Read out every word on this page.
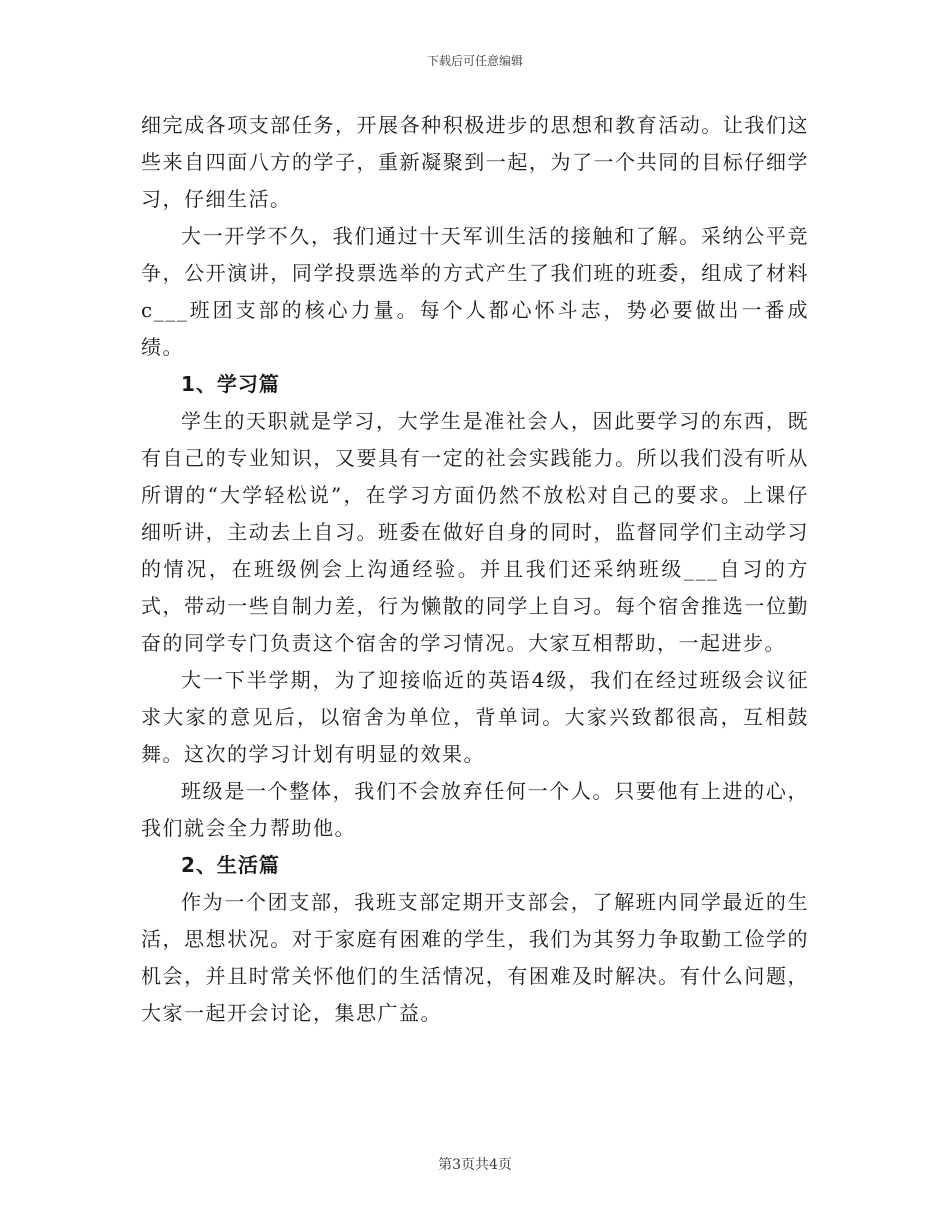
下载后可任意编辑

细完成各项支部任务，开展各种积极进步的思想和教育活动。让我们这些来自四面八方的学子，重新凝聚到一起，为了一个共同的目标仔细学习，仔细生活。

大一开学不久，我们通过十天军训生活的接触和了解。采纳公平竞争，公开演讲，同学投票选举的方式产生了我们班的班委，组成了材料c___班团支部的核心力量。每个人都心怀斗志，势必要做出一番成绩。

1、学习篇

学生的天职就是学习，大学生是准社会人，因此要学习的东西，既有自己的专业知识，又要具有一定的社会实践能力。所以我们没有听从所谓的“大学轻松说”，在学习方面仍然不放松对自己的要求。上课仔细听讲，主动去上自习。班委在做好自身的同时，监督同学们主动学习的情况，在班级例会上沟通经验。并且我们还采纳班级___自习的方式，带动一些自制力差，行为懒散的同学上自习。每个宿舍推选一位勤奋的同学专门负责这个宿舍的学习情况。大家互相帮助，一起进步。

大一下半学期，为了迎接临近的英语4级，我们在经过班级会议征求大家的意见后，以宿舍为单位，背单词。大家兴致都很高，互相鼓舞。这次的学习计划有明显的效果。

班级是一个整体，我们不会放弃任何一个人。只要他有上进的心，我们就会全力帮助他。

2、生活篇

作为一个团支部，我班支部定期开支部会，了解班内同学最近的生活，思想状况。对于家庭有困难的学生，我们为其努力争取勤工俭学的机会，并且时常关怀他们的生活情况，有困难及时解决。有什么问题，大家一起开会讨论，集思广益。

第3页共4页
